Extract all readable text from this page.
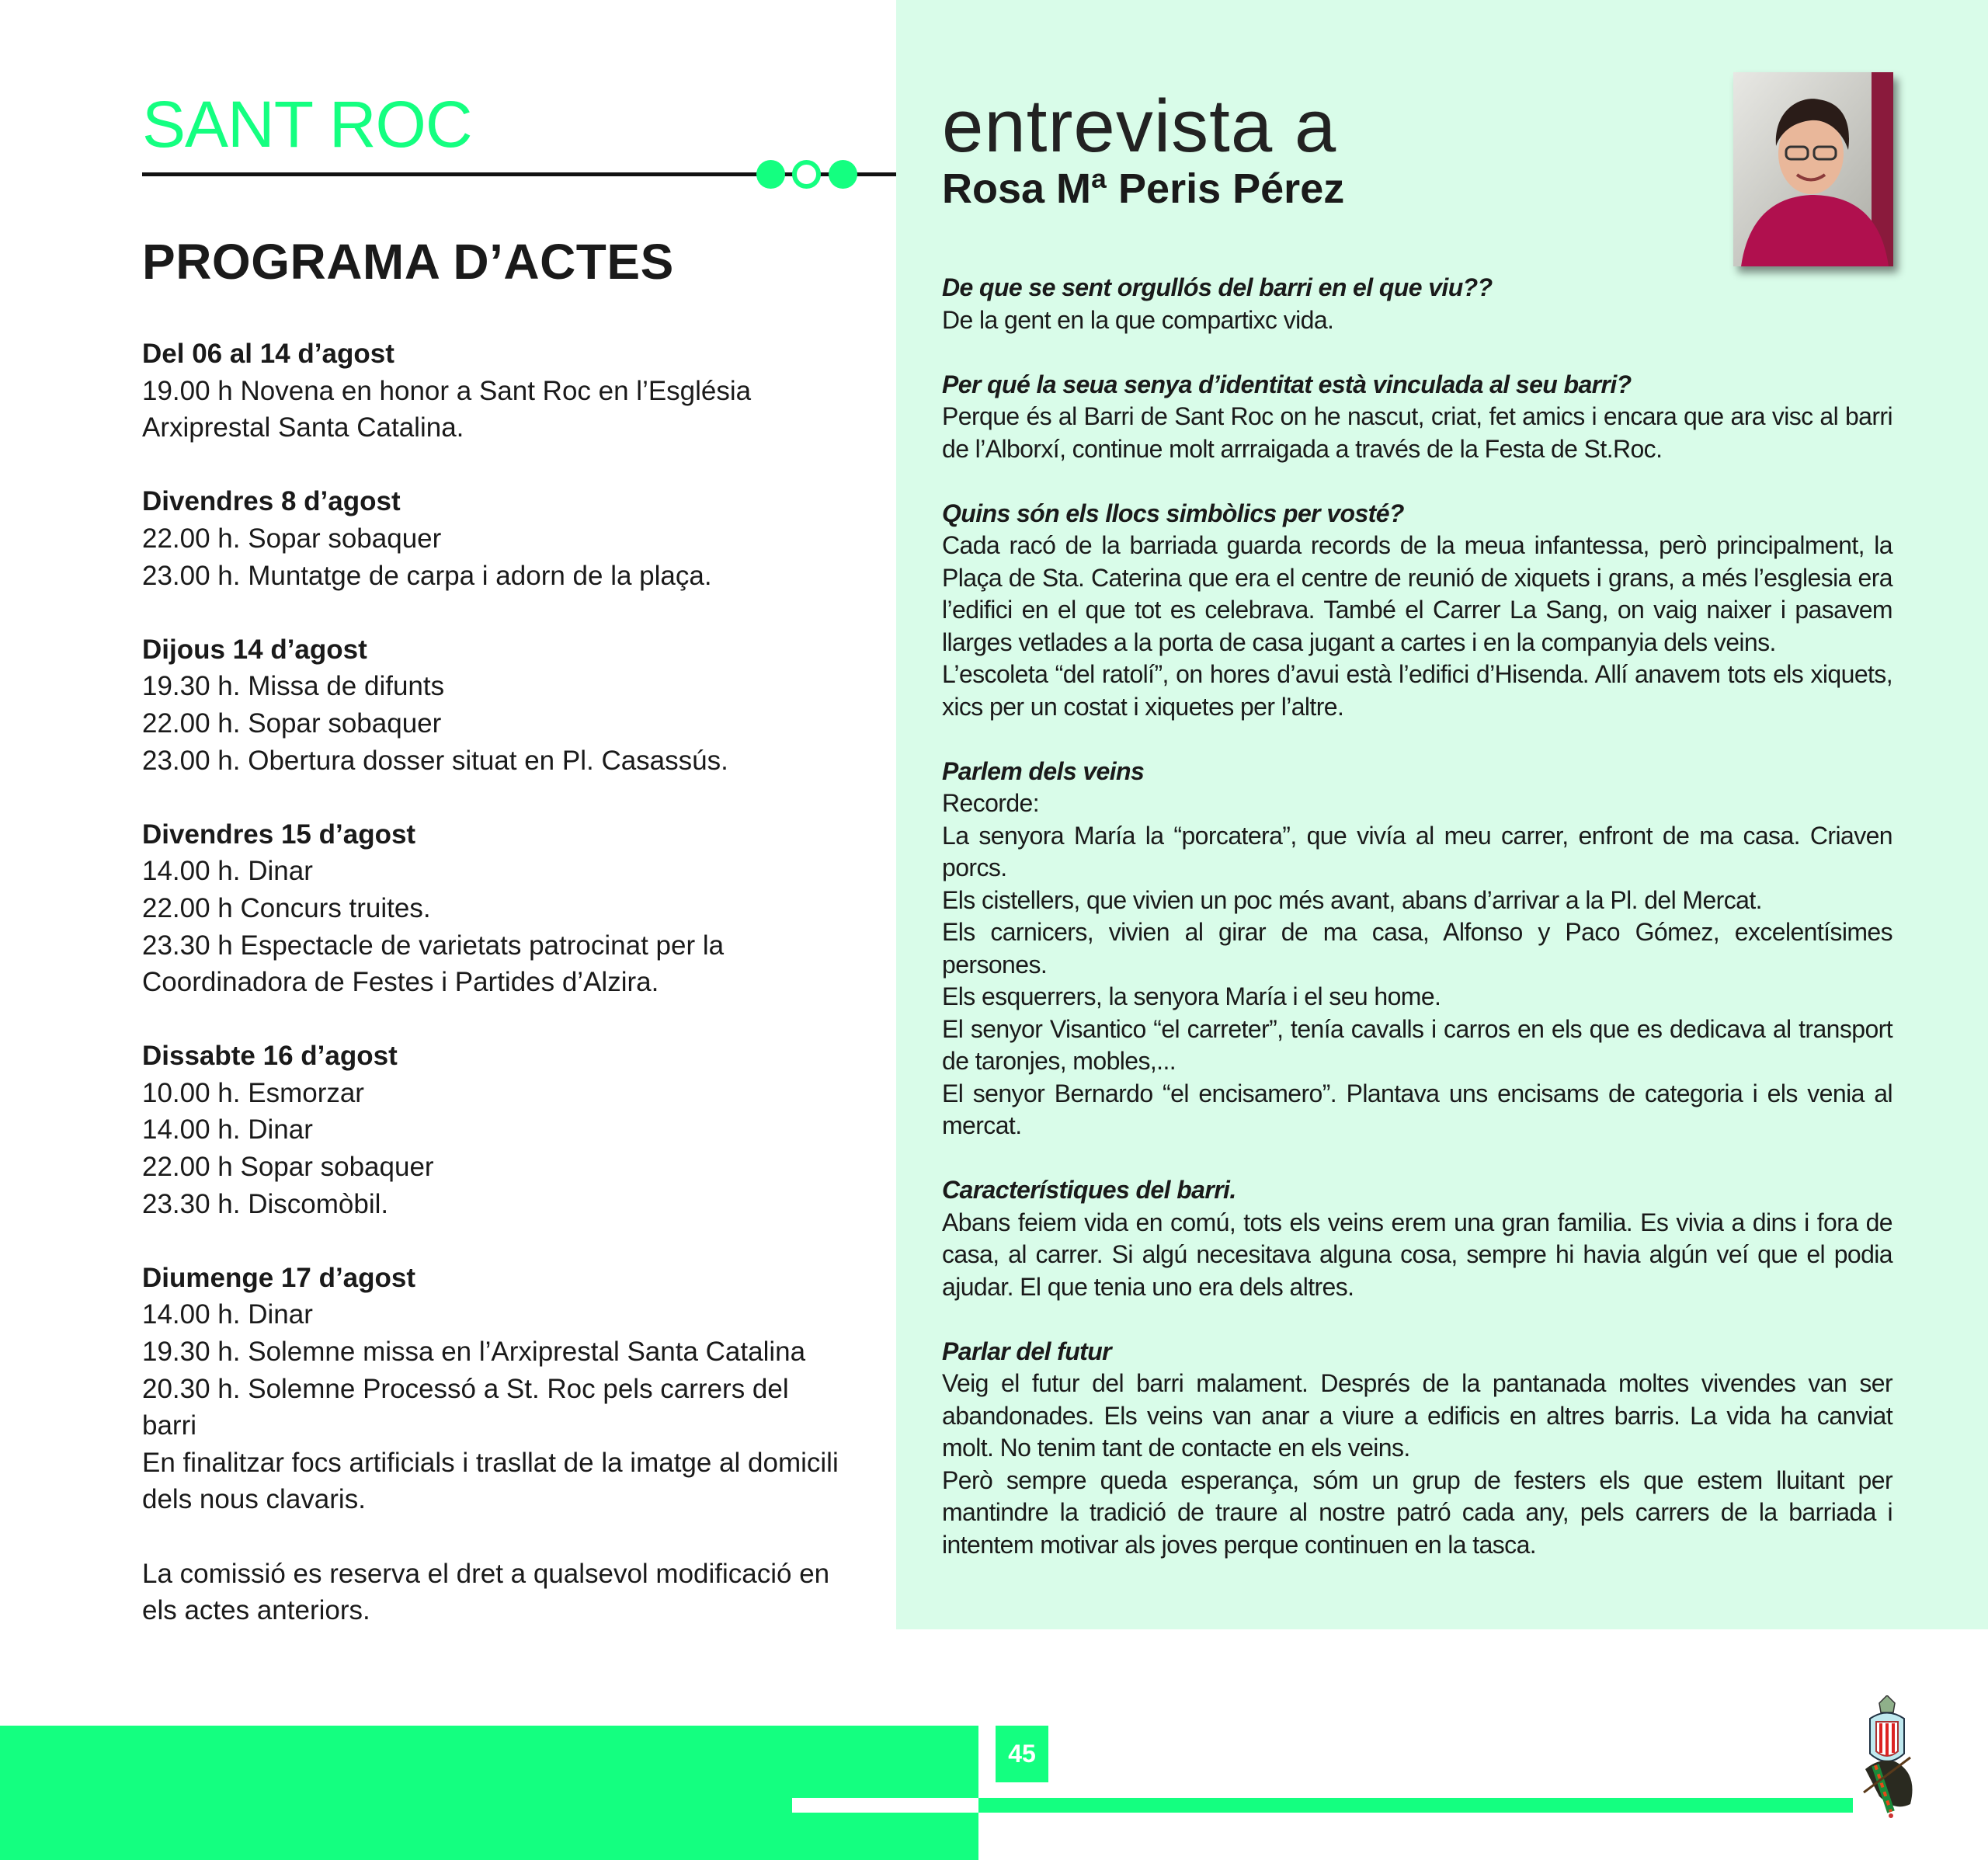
SANT ROC
PROGRAMA D’ACTES
Del 06 al 14 d’agost
19.00 h Novena en honor a Sant Roc en l’Església Arxiprestal Santa Catalina.
Divendres 8 d’agost
22.00 h. Sopar sobaquer
23.00 h. Muntatge de carpa i adorn de la plaça.
Dijous 14 d’agost
19.30 h. Missa de difunts
22.00 h. Sopar sobaquer
23.00 h. Obertura dosser situat en Pl. Casassús.
Divendres 15 d’agost
14.00 h. Dinar
22.00 h Concurs truites.
23.30 h Espectacle de varietats patrocinat per la Coordinadora de Festes i Partides d’Alzira.
Dissabte 16 d’agost
10.00 h. Esmorzar
14.00 h. Dinar
22.00 h Sopar sobaquer
23.30 h. Discomòbil.
Diumenge 17 d’agost
14.00 h. Dinar
19.30 h. Solemne missa en l’Arxiprestal Santa Catalina
20.30 h. Solemne Processó a St. Roc pels carrers del barri
En finalitzar focs artificials i trasllat de la imatge al domicili dels nous clavaris.
La comissió es reserva el dret a qualsevol modificació en els actes anteriors.
entrevista a
Rosa Mª Peris Pérez
De que se sent orgullós del barri en el que viu??

De la gent en la que compartixc vida.

Per qué la seua senya d’identitat està vinculada al seu barri?

Perque és al Barri de Sant Roc on he nascut, criat, fet amics i encara que ara visc al barri de l’Alborxí, continue molt arrraigada a través de la Festa de St.Roc.

Quins són els llocs simbòlics per vosté?

Cada racó de la barriada guarda records de la meua infantessa, però principalment, la Plaça de Sta. Caterina que era el centre de reunió de xiquets i grans, a més l’esglesia era l’edifici en el que tot es celebrava. També el Carrer La Sang, on vaig naixer i pasavem llarges vetlades a la porta de casa jugant a cartes i en la companyia dels veins.

L’escoleta “del ratolí”, on hores d’avui està l’edifici d’Hisenda. Allí anavem tots els xiquets, xics per un costat i xiquetes per l’altre.

Parlem dels veins

Recorde:

La senyora María la “porcatera”, que vivía al meu carrer, enfront de ma casa. Criaven porcs.

Els cistellers, que vivien un poc més avant, abans d’arrivar a la Pl. del Mercat.

Els carnicers, vivien al girar de ma casa, Alfonso y Paco Gómez, excelentísimes persones.

Els esquerrers, la senyora María i el seu home.

El senyor Visantico “el carreter”, tenía cavalls i carros en els que es dedicava al transport de taronjes, mobles,...

El senyor Bernardo “el encisamero”. Plantava uns encisams de categoria i els venia al mercat.

Característiques del barri.

Abans feiem vida en comú, tots els veins erem una gran familia. Es vivia a dins i fora de casa, al carrer. Si algú necesitava alguna cosa, sempre hi havia algún veí que el podia ajudar. El que tenia uno era dels altres.

Parlar del futur

Veig el futur del barri malament. Després de la pantanada moltes vivendes van ser abandonades. Els veins van anar a viure a edificis en altres barris. La vida ha canviat molt. No tenim tant de contacte en els veins.

Però sempre queda esperança, sóm un grup de festers els que estem lluitant per mantindre la tradició de traure al nostre patró cada any, pels carrers de la barriada i intentem motivar als joves perque continuen en la tasca.

45
